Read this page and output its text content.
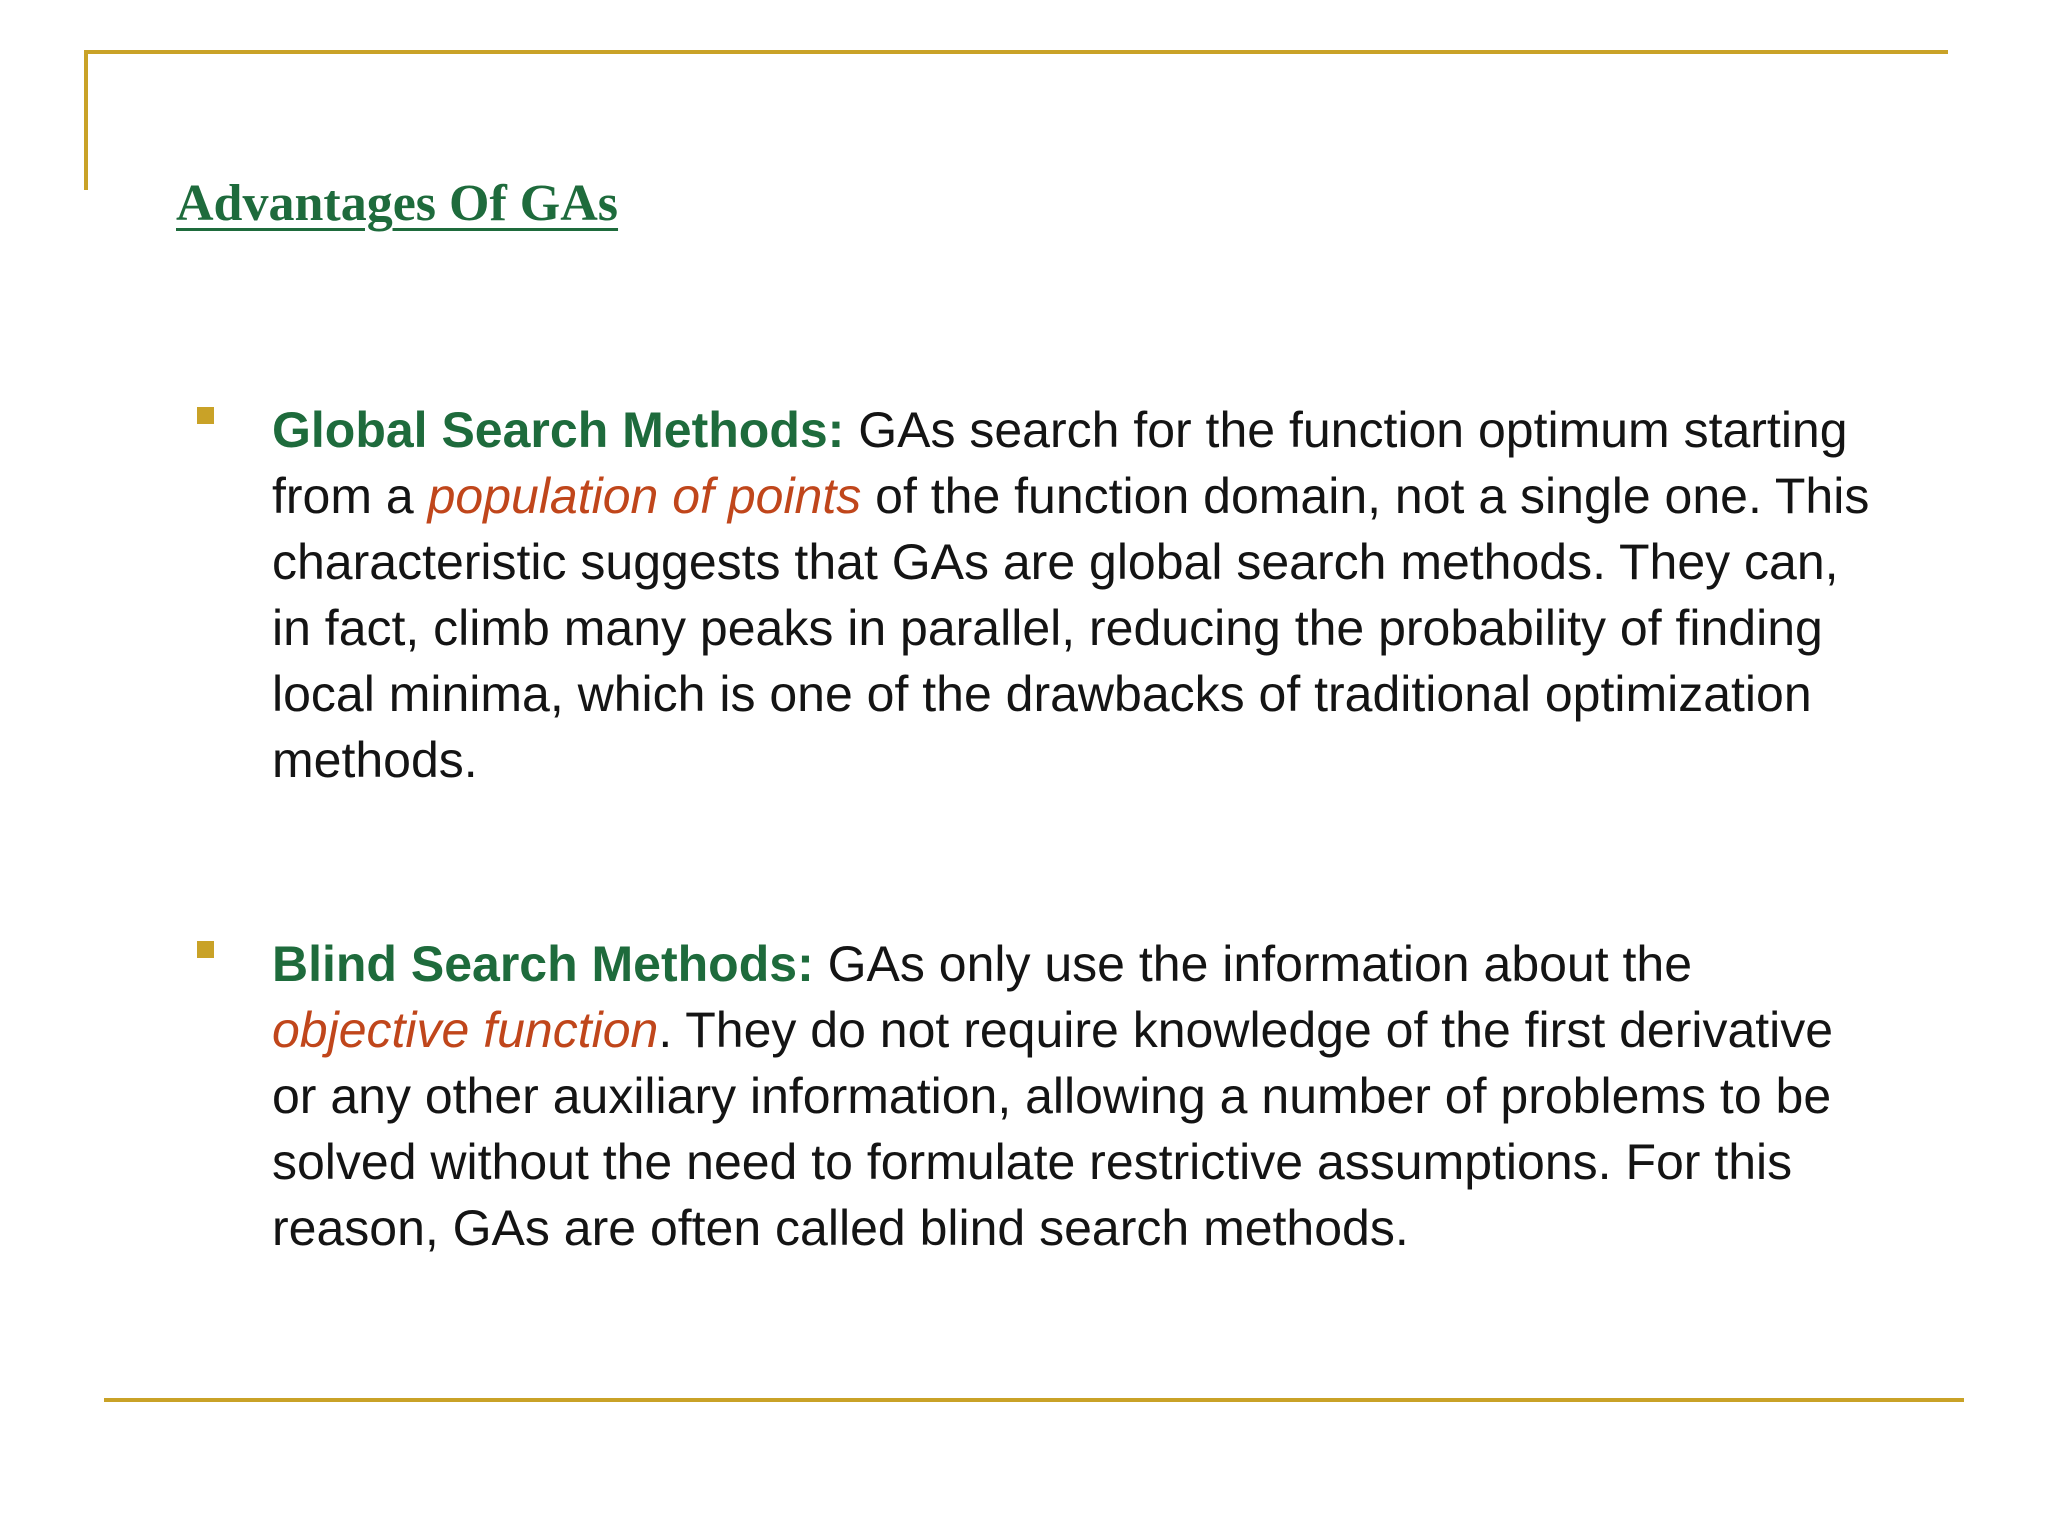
Advantages Of GAs

Global Search Methods: GAs search for the function optimum starting
from a population of points of the function domain, not a single one. This
characteristic suggests that GAs are global search methods. They can,
in fact, climb many peaks in parallel, reducing the probability of finding
local minima, which is one of the drawbacks of traditional optimization
methods.

Blind Search Methods: GAs only use the information about the
objective function. They do not require knowledge of the first derivative
or any other auxiliary information, allowing a number of problems to be
solved without the need to formulate restrictive assumptions. For this
reason, GAs are often called blind search methods.
